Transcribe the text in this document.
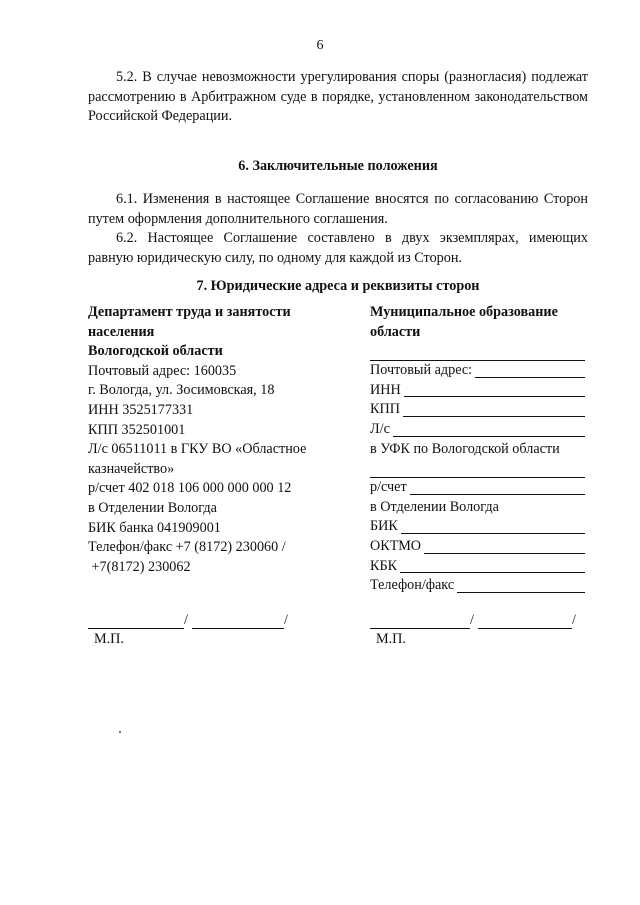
6
5.2. В случае невозможности урегулирования споры (разногласия) подлежат рассмотрению в Арбитражном суде в порядке, установленном законодательством Российской Федерации.
6. Заключительные положения
6.1. Изменения в настоящее Соглашение вносятся по согласованию Сторон путем оформления дополнительного соглашения.
6.2. Настоящее Соглашение составлено в двух экземплярах, имеющих равную юридическую силу, по одному для каждой из Сторон.
7. Юридические адреса и реквизиты сторон
Департамент труда и занятости
населения
Вологодской области
Почтовый адрес: 160035
г. Вологда, ул. Зосимовская, 18
ИНН 3525177331
КПП 352501001
Л/с 06511011 в ГКУ ВО «Областное
казначейство»
р/счет 402 018 106 000 000 000 12
в Отделении Вологда
БИК банка 041909001
Телефон/факс +7 (8172) 230060 /
+7(8172) 230062
Муниципальное образование
области
Почтовый адрес:
ИНН
КПП
Л/с
в УФК по Вологодской области
р/счет
в Отделении Вологда
БИК
ОКТМО
КБК
Телефон/факс
/	/
М.П.
/	/
М.П.
